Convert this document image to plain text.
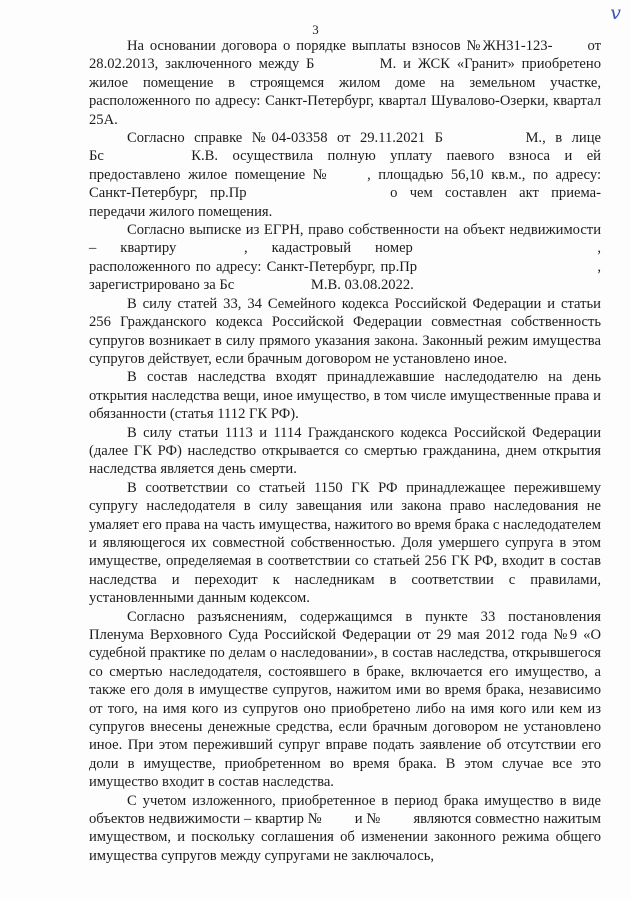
v
3

На основании договора о порядке выплаты взносов №ЖН31-123-   от 28.02.2013, заключенного между Б     М. и ЖСК «Гранит» приобретено жилое помещение в строящемся жилом доме на земельном участке, расположенного по адресу: Санкт-Петербург, квартал Шувалово-Озерки, квартал 25А.

Согласно справке №04-03358 от 29.11.2021 Б      М., в лице Бс      К.В. осуществила полную уплату паевого взноса и ей предоставлено жилое помещение №   , площадью 56,10 кв.м., по адресу: Санкт-Петербург, пр.Пр          о чем составлен акт приема-передачи жилого помещения.

Согласно выписке из ЕГРН, право собственности на объект недвижимости – квартиру    , кадастровый номер            , расположенного по адресу: Санкт-Петербург, пр.Пр             , зарегистрировано за Бс      М.В. 03.08.2022.

В силу статей 33, 34 Семейного кодекса Российской Федерации и статьи 256 Гражданского кодекса Российской Федерации совместная собственность супругов возникает в силу прямого указания закона. Законный режим имущества супругов действует, если брачным договором не установлено иное.

В состав наследства входят принадлежавшие наследодателю на день открытия наследства вещи, иное имущество, в том числе имущественные права и обязанности (статья 1112 ГК РФ).

В силу статьи 1113 и 1114 Гражданского кодекса Российской Федерации (далее ГК РФ) наследство открывается со смертью гражданина, днем открытия наследства является день смерти.

В соответствии со статьей 1150 ГК РФ принадлежащее пережившему супругу наследодателя в силу завещания или закона право наследования не умаляет его права на часть имущества, нажитого во время брака с наследодателем и являющегося их совместной собственностью. Доля умершего супруга в этом имуществе, определяемая в соответствии со статьей 256 ГК РФ, входит в состав наследства и переходит к наследникам в соответствии с правилами, установленными данным кодексом.

Согласно разъяснениям, содержащимся в пункте 33 постановления Пленума Верховного Суда Российской Федерации от 29 мая 2012 года №9 «О судебной практике по делам о наследовании», в состав наследства, открывшегося со смертью наследодателя, состоявшего в браке, включается его имущество, а также его доля в имуществе супругов, нажитом ими во время брака, независимо от того, на имя кого из супругов оно приобретено либо на имя кого или кем из супругов внесены денежные средства, если брачным договором не установлено иное. При этом переживший супруг вправе подать заявление об отсутствии его доли в имуществе, приобретенном во время брака. В этом случае все это имущество входит в состав наследства.

С учетом изложенного, приобретенное в период брака имущество в виде объектов недвижимости – квартир №   и №   являются совместно нажитым имуществом, и поскольку соглашения об изменении законного режима общего имущества супругов между супругами не заключалось,
